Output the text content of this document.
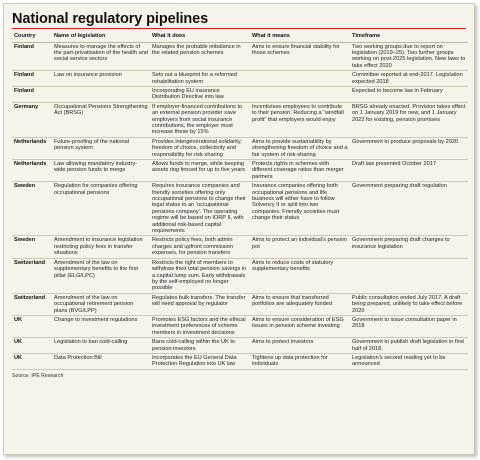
National regulatory pipelines
Country	Name of legislation	What it does	What it means	Timeframe
Finland	Measures to manage the effects of the part-privatisation of the health and social service sectors	Manages the probable imbalance in the related pension schemes	Aims to ensure financial stability for those schemes	Two working groups due to report on legislation (2019–25). Two further groups working on post-2025 legislation. New laws to take effect 2020
Finland	Law on insurance provision	Sets out a blueprint for a reformed rehabilitation system		Committee reported at end-2017. Legislation expected 2018
Finland		Incorporating EU insurance Distribution Directive into law		Expected to become law in February
Germany	Occupational Pensions Strengthening Act (BRSG)	If employer-financed contributions to an external pension provider save employers from social insurance contributions, the employer must increase these by 15%	Incentivises employees to contribute to their pension. Reducing a “windfall profit” that employers would enjoy	BRSG already enacted. Provision takes effect on 1 January 2019 for new, and 1 January 2022 for existing, pension promises
Netherlands	Future-proofing of the national pension system	Provides intergenerational solidarity, freedom of choice, collectivity and responsibility for risk-sharing	Aims to provide sustainability by strengthening freedom of choice and a fair system of risk-sharing	Government to produce proposals by 2020
Netherlands	Law allowing mandatory industry-wide pension funds to merge	Allows funds to merge, while keeping assets ring fenced for up to five years	Protects rights in schemes with different coverage ratios than merger partners	Draft law presented October 2017
Sweden	Regulation for companies offering occupational pensions	Requires insurance companies and friendly societies offering only occupational pensions to change their legal status to an ‘occupational pensions company’. The operating regime will be based on IORP II, with additional risk-based capital requirements	Insurance companies offering both occupational pensions and life business will either have to follow Solvency II or split into two companies. Friendly societies must change their status	Government preparing draft regulation
Sweden	Amendment to insurance legislation restricting policy fees in transfer situations	Restricts policy fees, both admin charges and upfront commission expenses, for pension transfers	Aims to protect an individual’s pension pot	Government preparing draft changes to insurance legislation
Switzerland	Amendment of the law on supplementary benefits to the first pillar (ELG/LPC)	Restricts the right of members to withdraw their total pension savings in a capital lump sum. Early withdrawals by the self-employed no longer possible	Aims to reduce costs of statutory supplementary benefits	
Switzerland	Amendment of the law on occupational retirement pension plans (BVG/LPP)	Regulates bulk transfers. The transfer will need approval by regulator	Aims to ensure that transferred portfolios are adequately funded	Public consultation ended July 2017. A draft being prepared, unlikely to take effect before 2020
UK	Change to investment regulations	Promotes ESG factors and the ethical investment preferences of scheme members in investment decisions	Aims to ensure consideration of ESG issues in pension scheme investing	Government to issue consultation paper in 2018
UK	Legislation to ban cold-calling	Bans cold-calling within the UK to pension investors	Aims to protect investors	Government to publish draft legislation in first half of 2018.
UK	Data Protection Bill	Incorporates the EU General Data Protection Regulation into UK law	Tightens up data protection for individuals	Legislation’s second reading yet to be announced
Source: IPE Research
